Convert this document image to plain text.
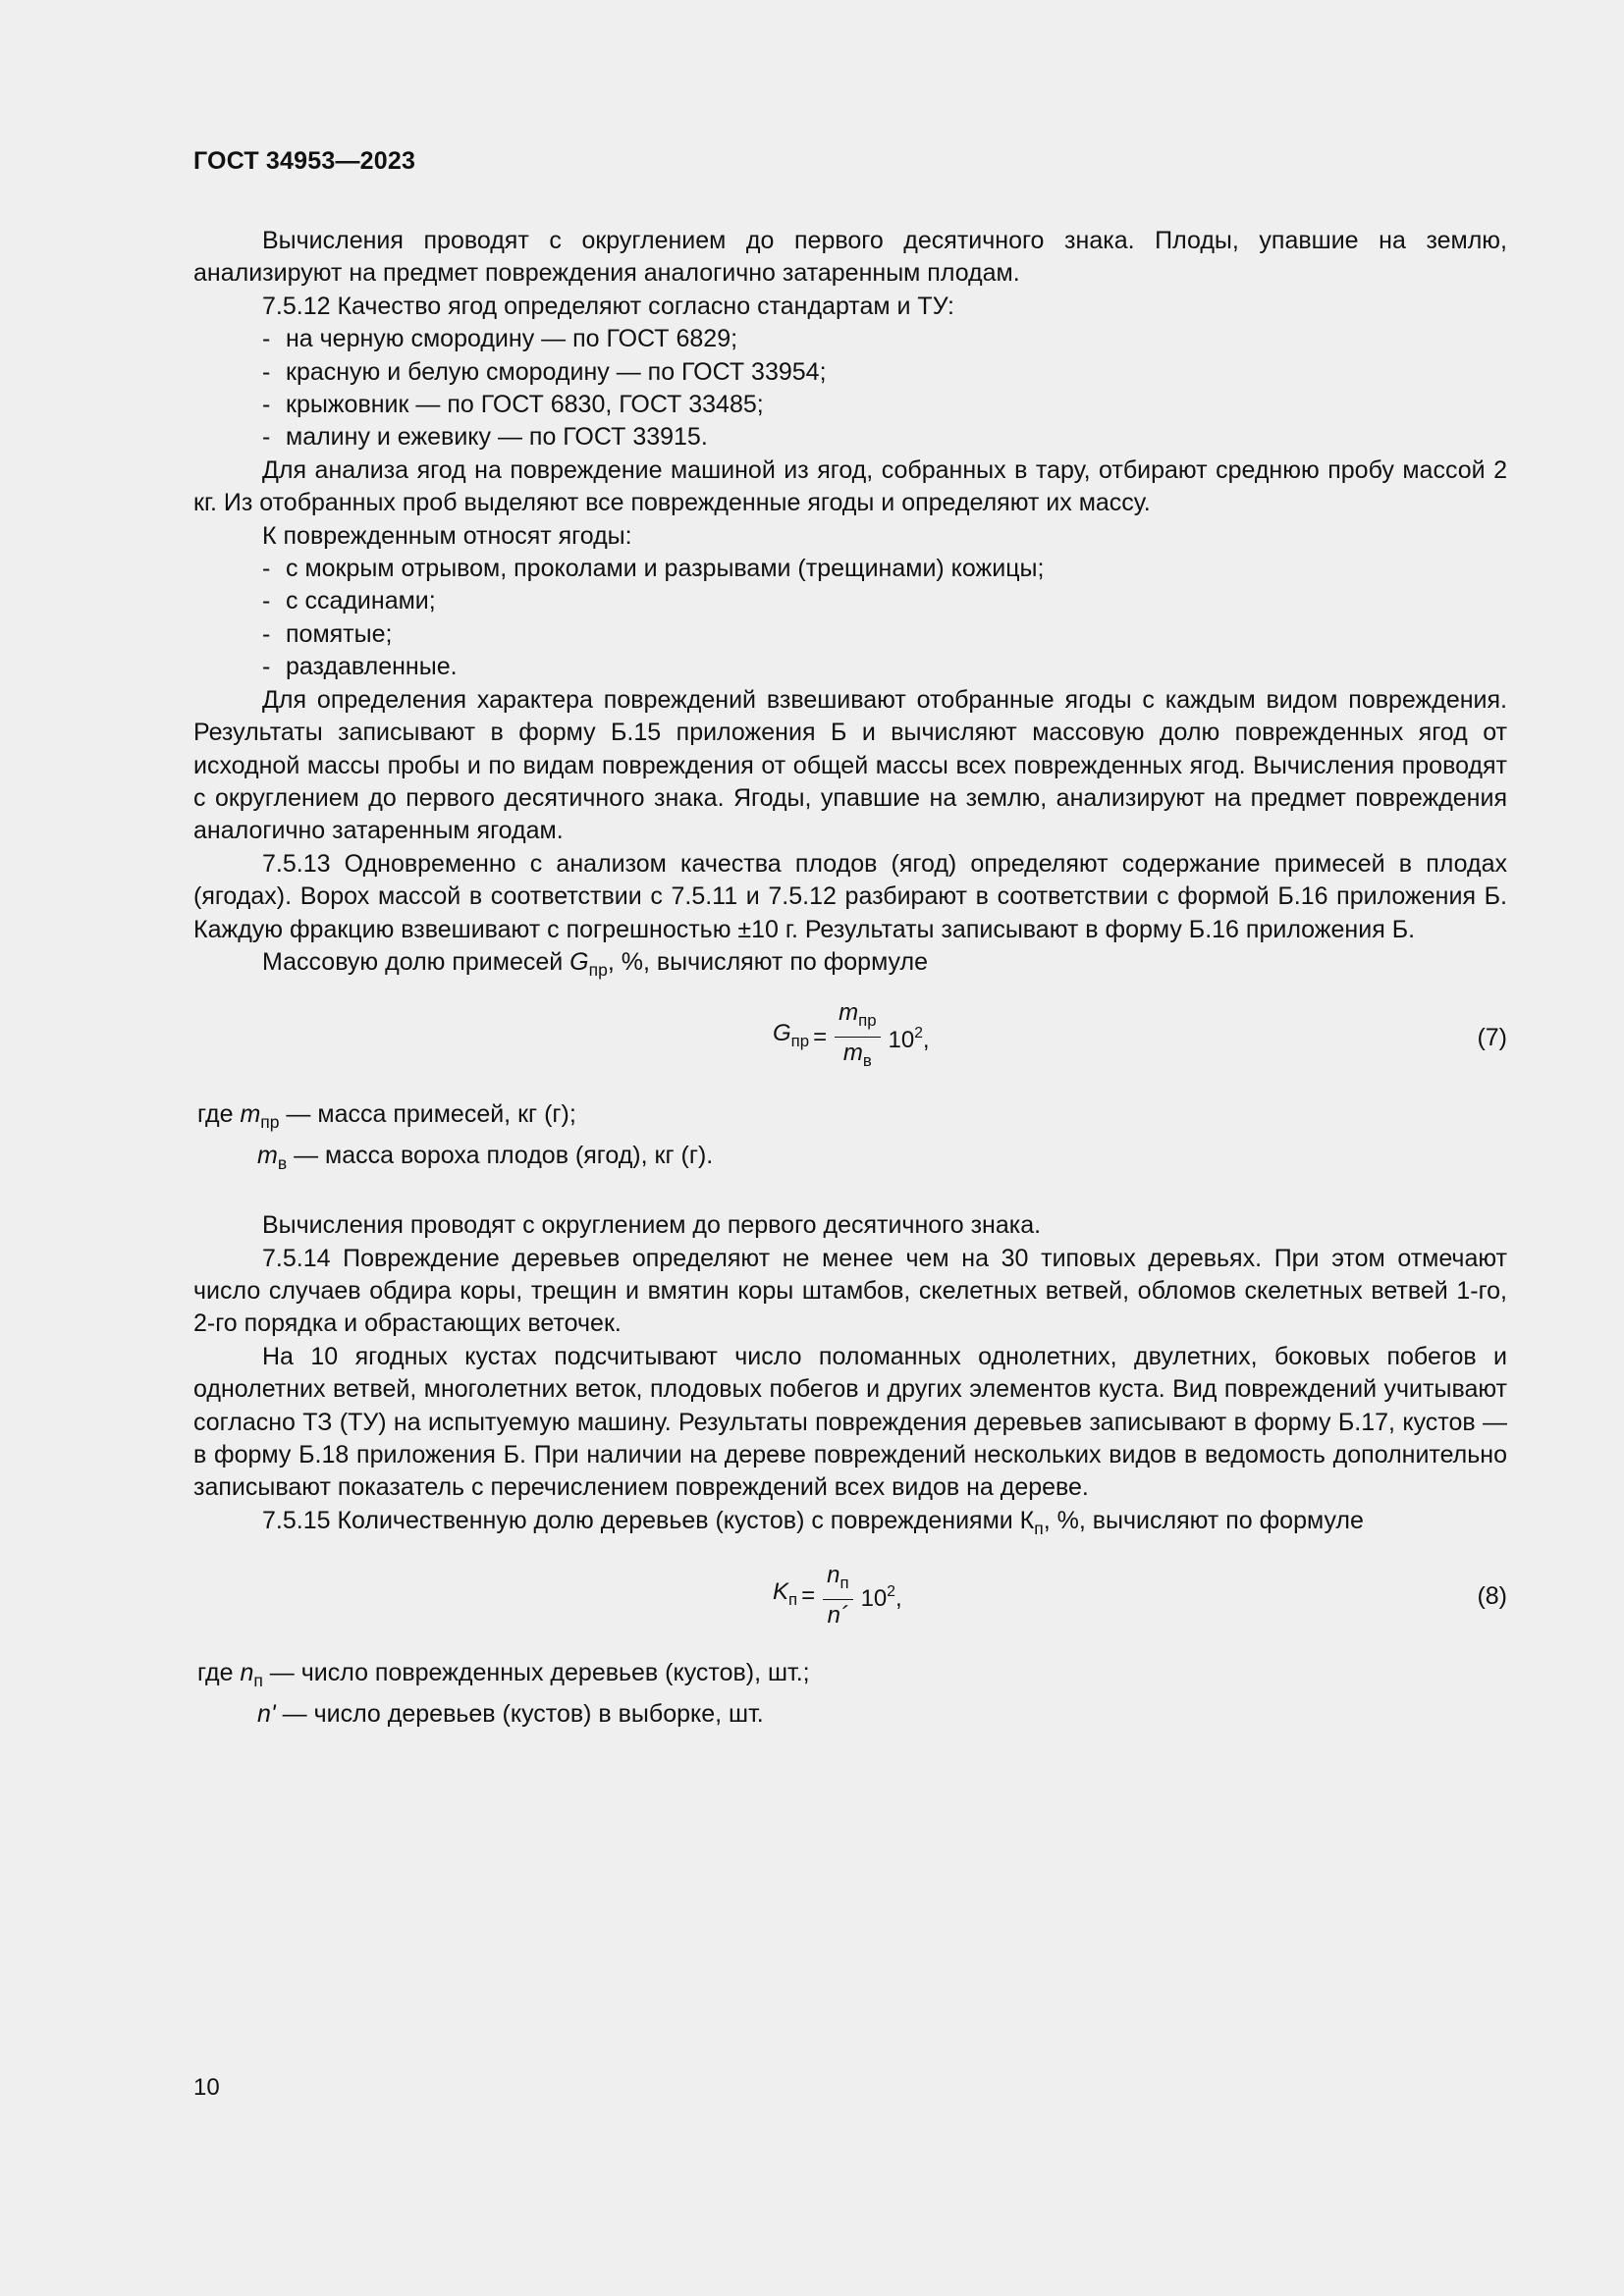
ГОСТ 34953—2023

Вычисления проводят с округлением до первого десятичного знака. Плоды, упавшие на землю, анализируют на предмет повреждения аналогично затаренным плодам.

7.5.12 Качество ягод определяют согласно стандартам и ТУ:

- на черную смородину — по ГОСТ 6829;
- красную и белую смородину — по ГОСТ 33954;
- крыжовник — по ГОСТ 6830, ГОСТ 33485;
- малину и ежевику — по ГОСТ 33915.

Для анализа ягод на повреждение машиной из ягод, собранных в тару, отбирают среднюю пробу массой 2 кг. Из отобранных проб выделяют все поврежденные ягоды и определяют их массу.

К поврежденным относят ягоды:

- с мокрым отрывом, проколами и разрывами (трещинами) кожицы;
- с ссадинами;
- помятые;
- раздавленные.

Для определения характера повреждений взвешивают отобранные ягоды с каждым видом повреждения. Результаты записывают в форму Б.15 приложения Б и вычисляют массовую долю поврежденных ягод от исходной массы пробы и по видам повреждения от общей массы всех поврежденных ягод. Вычисления проводят с округлением до первого десятичного знака. Ягоды, упавшие на землю, анализируют на предмет повреждения аналогично затаренным ягодам.

7.5.13 Одновременно с анализом качества плодов (ягод) определяют содержание примесей в плодах (ягодах). Ворох массой в соответствии с 7.5.11 и 7.5.12 разбирают в соответствии с формой Б.16 приложения Б. Каждую фракцию взвешивают с погрешностью ±10 г. Результаты записывают в форму Б.16 приложения Б.

Массовую долю примесей $G_{пр}$, %, вычисляют по формуле

$G_{пр} = \frac{m_{пр}}{m_в} 10^2$,	(7)
где $m_{пр}$ — масса примесей, кг (г);
$m_в$ — масса вороха плодов (ягод), кг (г).

Вычисления проводят с округлением до первого десятичного знака.

7.5.14 Повреждение деревьев определяют не менее чем на 30 типовых деревьях. При этом отмечают число случаев обдира коры, трещин и вмятин коры штамбов, скелетных ветвей, обломов скелетных ветвей 1-го, 2-го порядка и обрастающих веточек.

На 10 ягодных кустах подсчитывают число поломанных однолетних, двулетних, боковых побегов и однолетних ветвей, многолетних веток, плодовых побегов и других элементов куста. Вид повреждений учитывают согласно ТЗ (ТУ) на испытуемую машину. Результаты повреждения деревьев записывают в форму Б.17, кустов — в форму Б.18 приложения Б. При наличии на дереве повреждений нескольких видов в ведомость дополнительно записывают показатель с перечислением повреждений всех видов на дереве.

7.5.15 Количественную долю деревьев (кустов) с повреждениями $К_п$, %, вычисляют по формуле

$K_п = \frac{n_п}{n´} 10^2$,	(8)
где $n_п$ — число поврежденных деревьев (кустов), шт.;
n' — число деревьев (кустов) в выборке, шт.
10
